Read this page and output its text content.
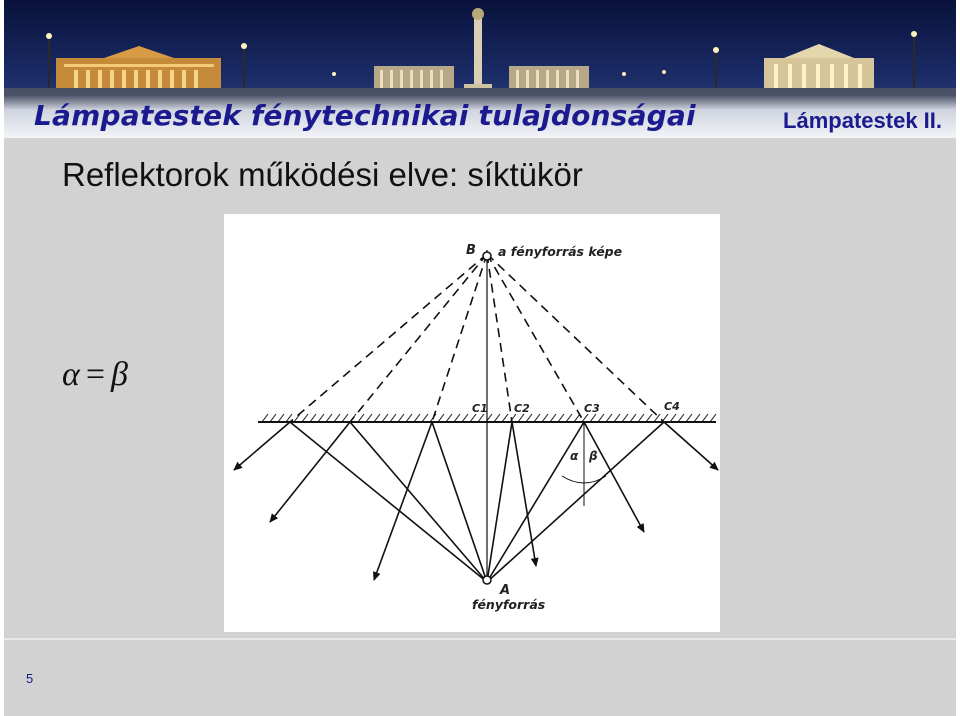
Lámpatestek fénytechnikai tulajdonságai	Lámpatestek II.
Reflektorok működési elve: síktükör
α = β
B a fényforrás képe
A
fényforrás
C1 C2	C3	C4
α β
5
